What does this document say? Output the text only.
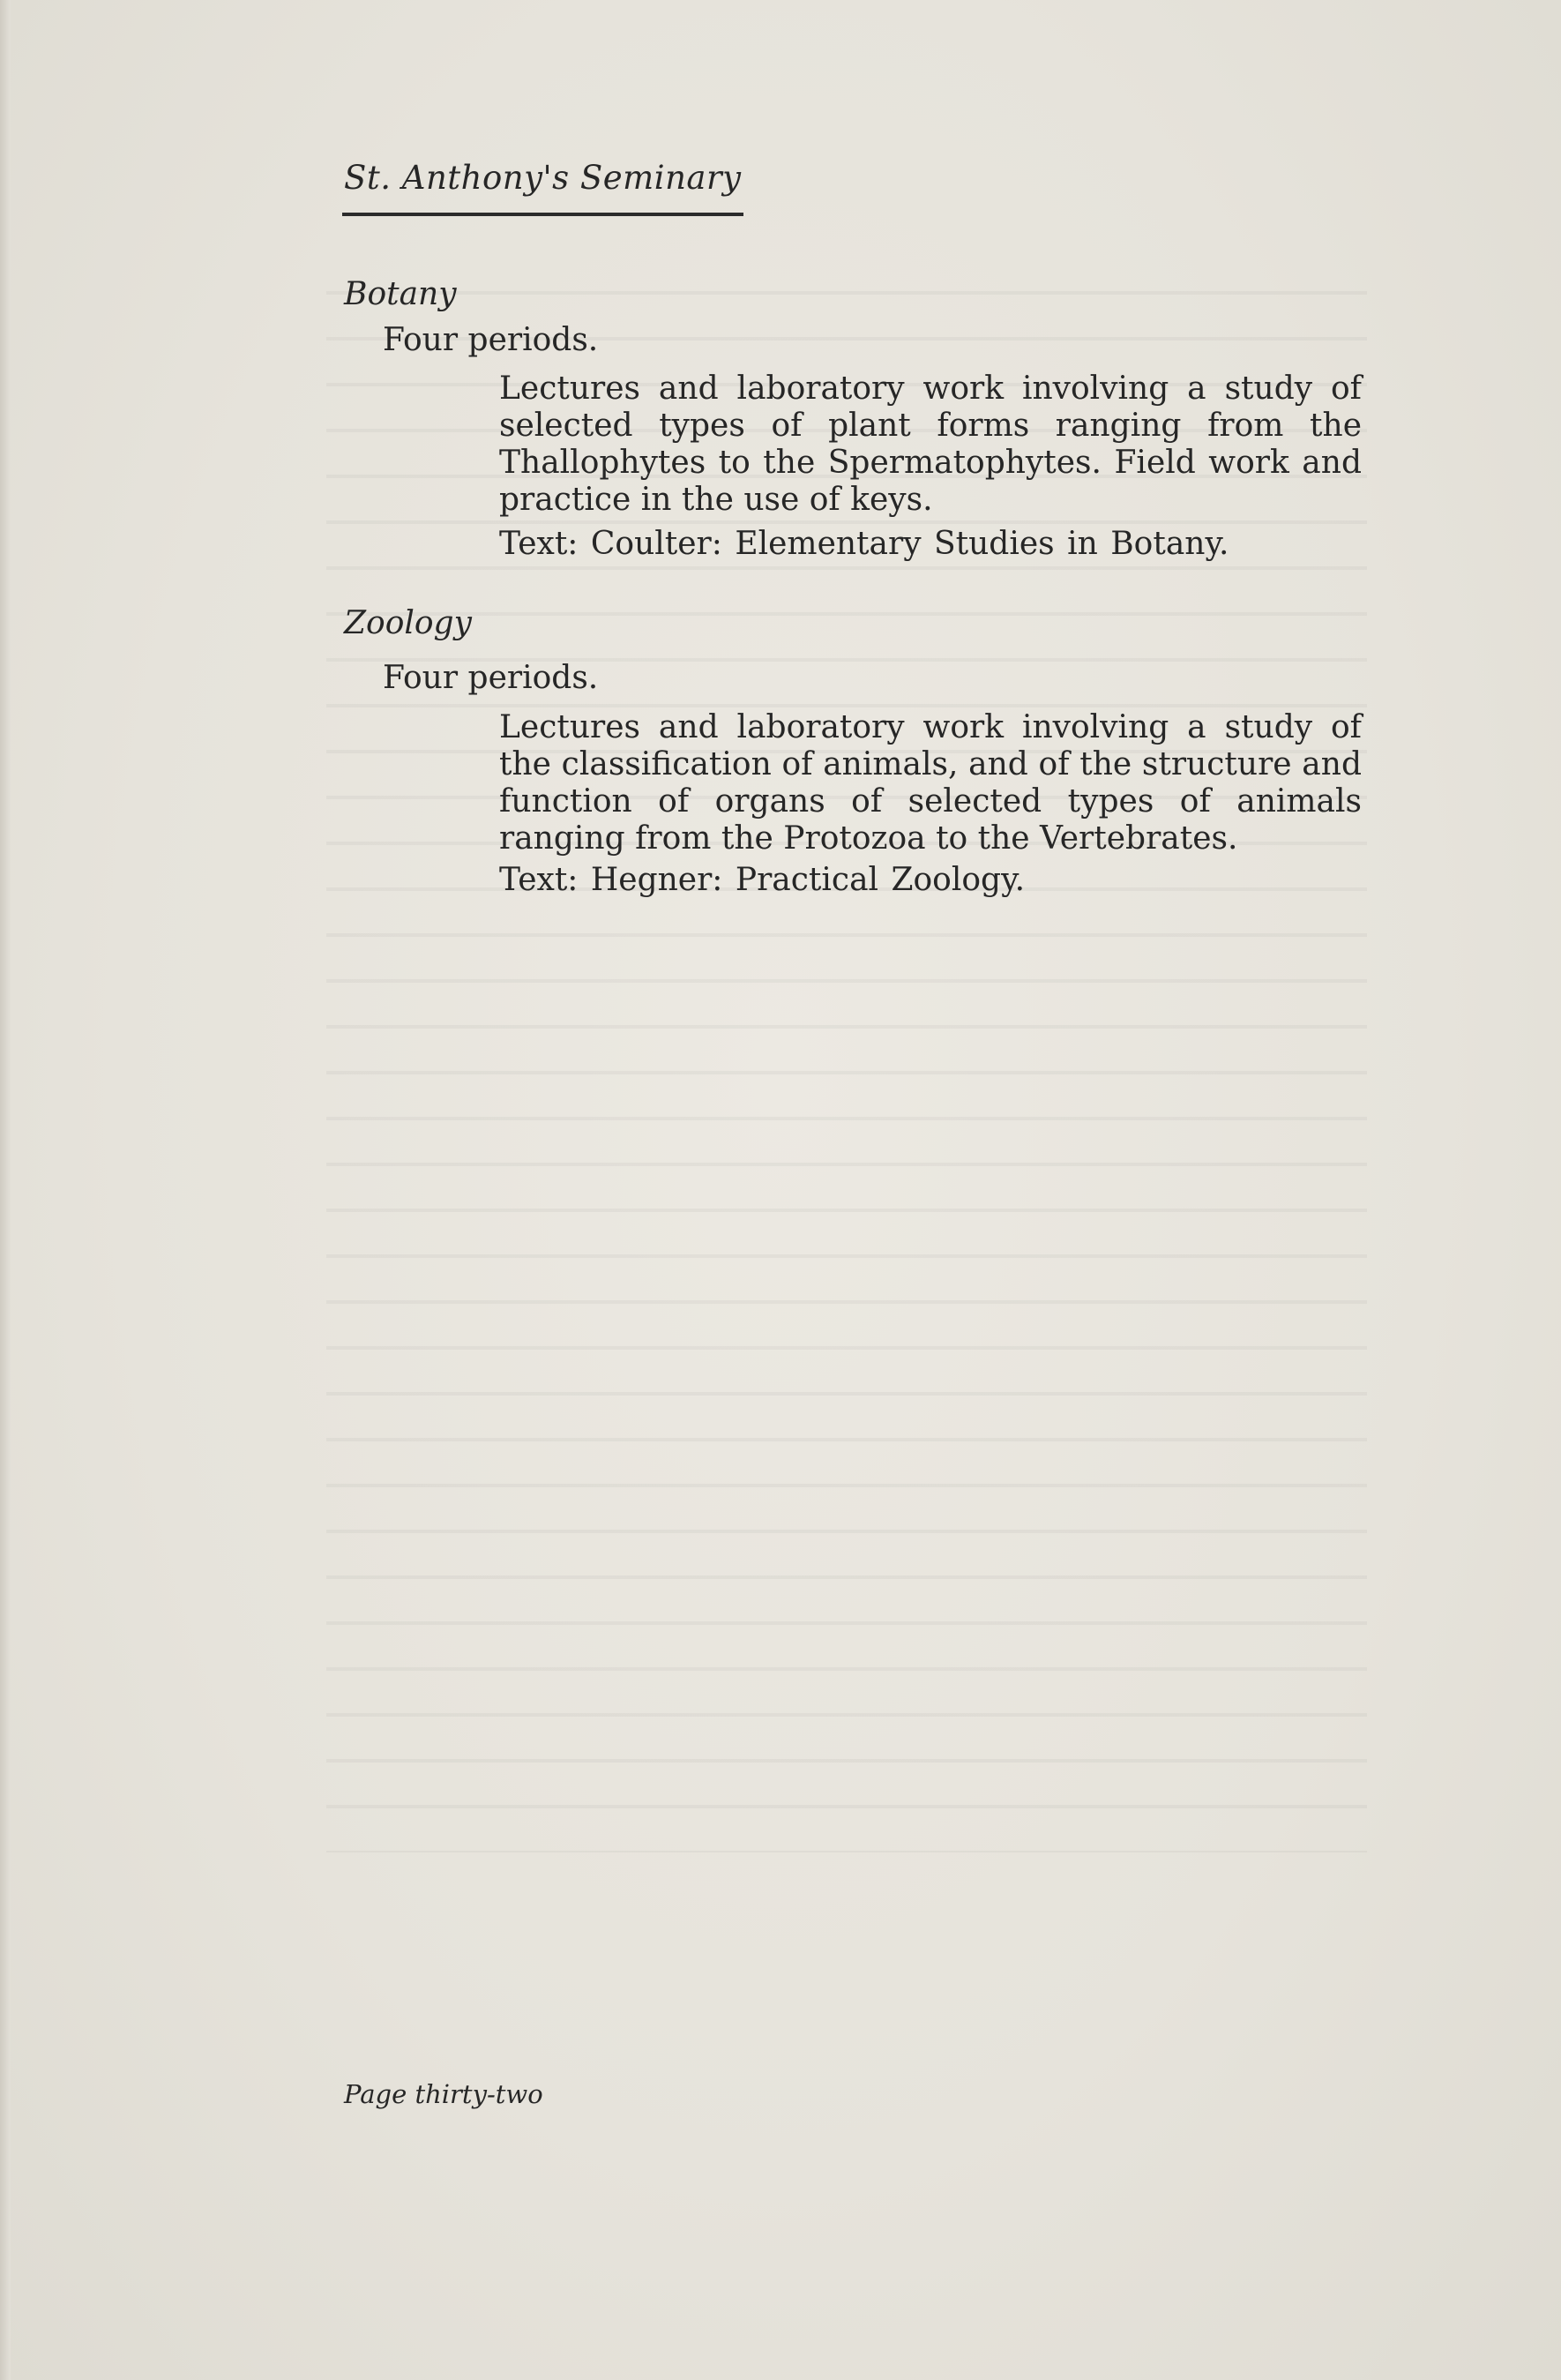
St. Anthony's Seminary
Botany
Four periods.
Lectures and laboratory work involving a study of selected types of plant forms ranging from the Thallophytes to the Spermatophytes. Field work and practice in the use of keys.
Text: Coulter: Elementary Studies in Botany.
Zoology
Four periods.
Lectures and laboratory work involving a study of the classification of animals, and of the structure and function of organs of selected types of animals ranging from the Protozoa to the Vertebrates.
Text: Hegner: Practical Zoology.
Page thirty-two
